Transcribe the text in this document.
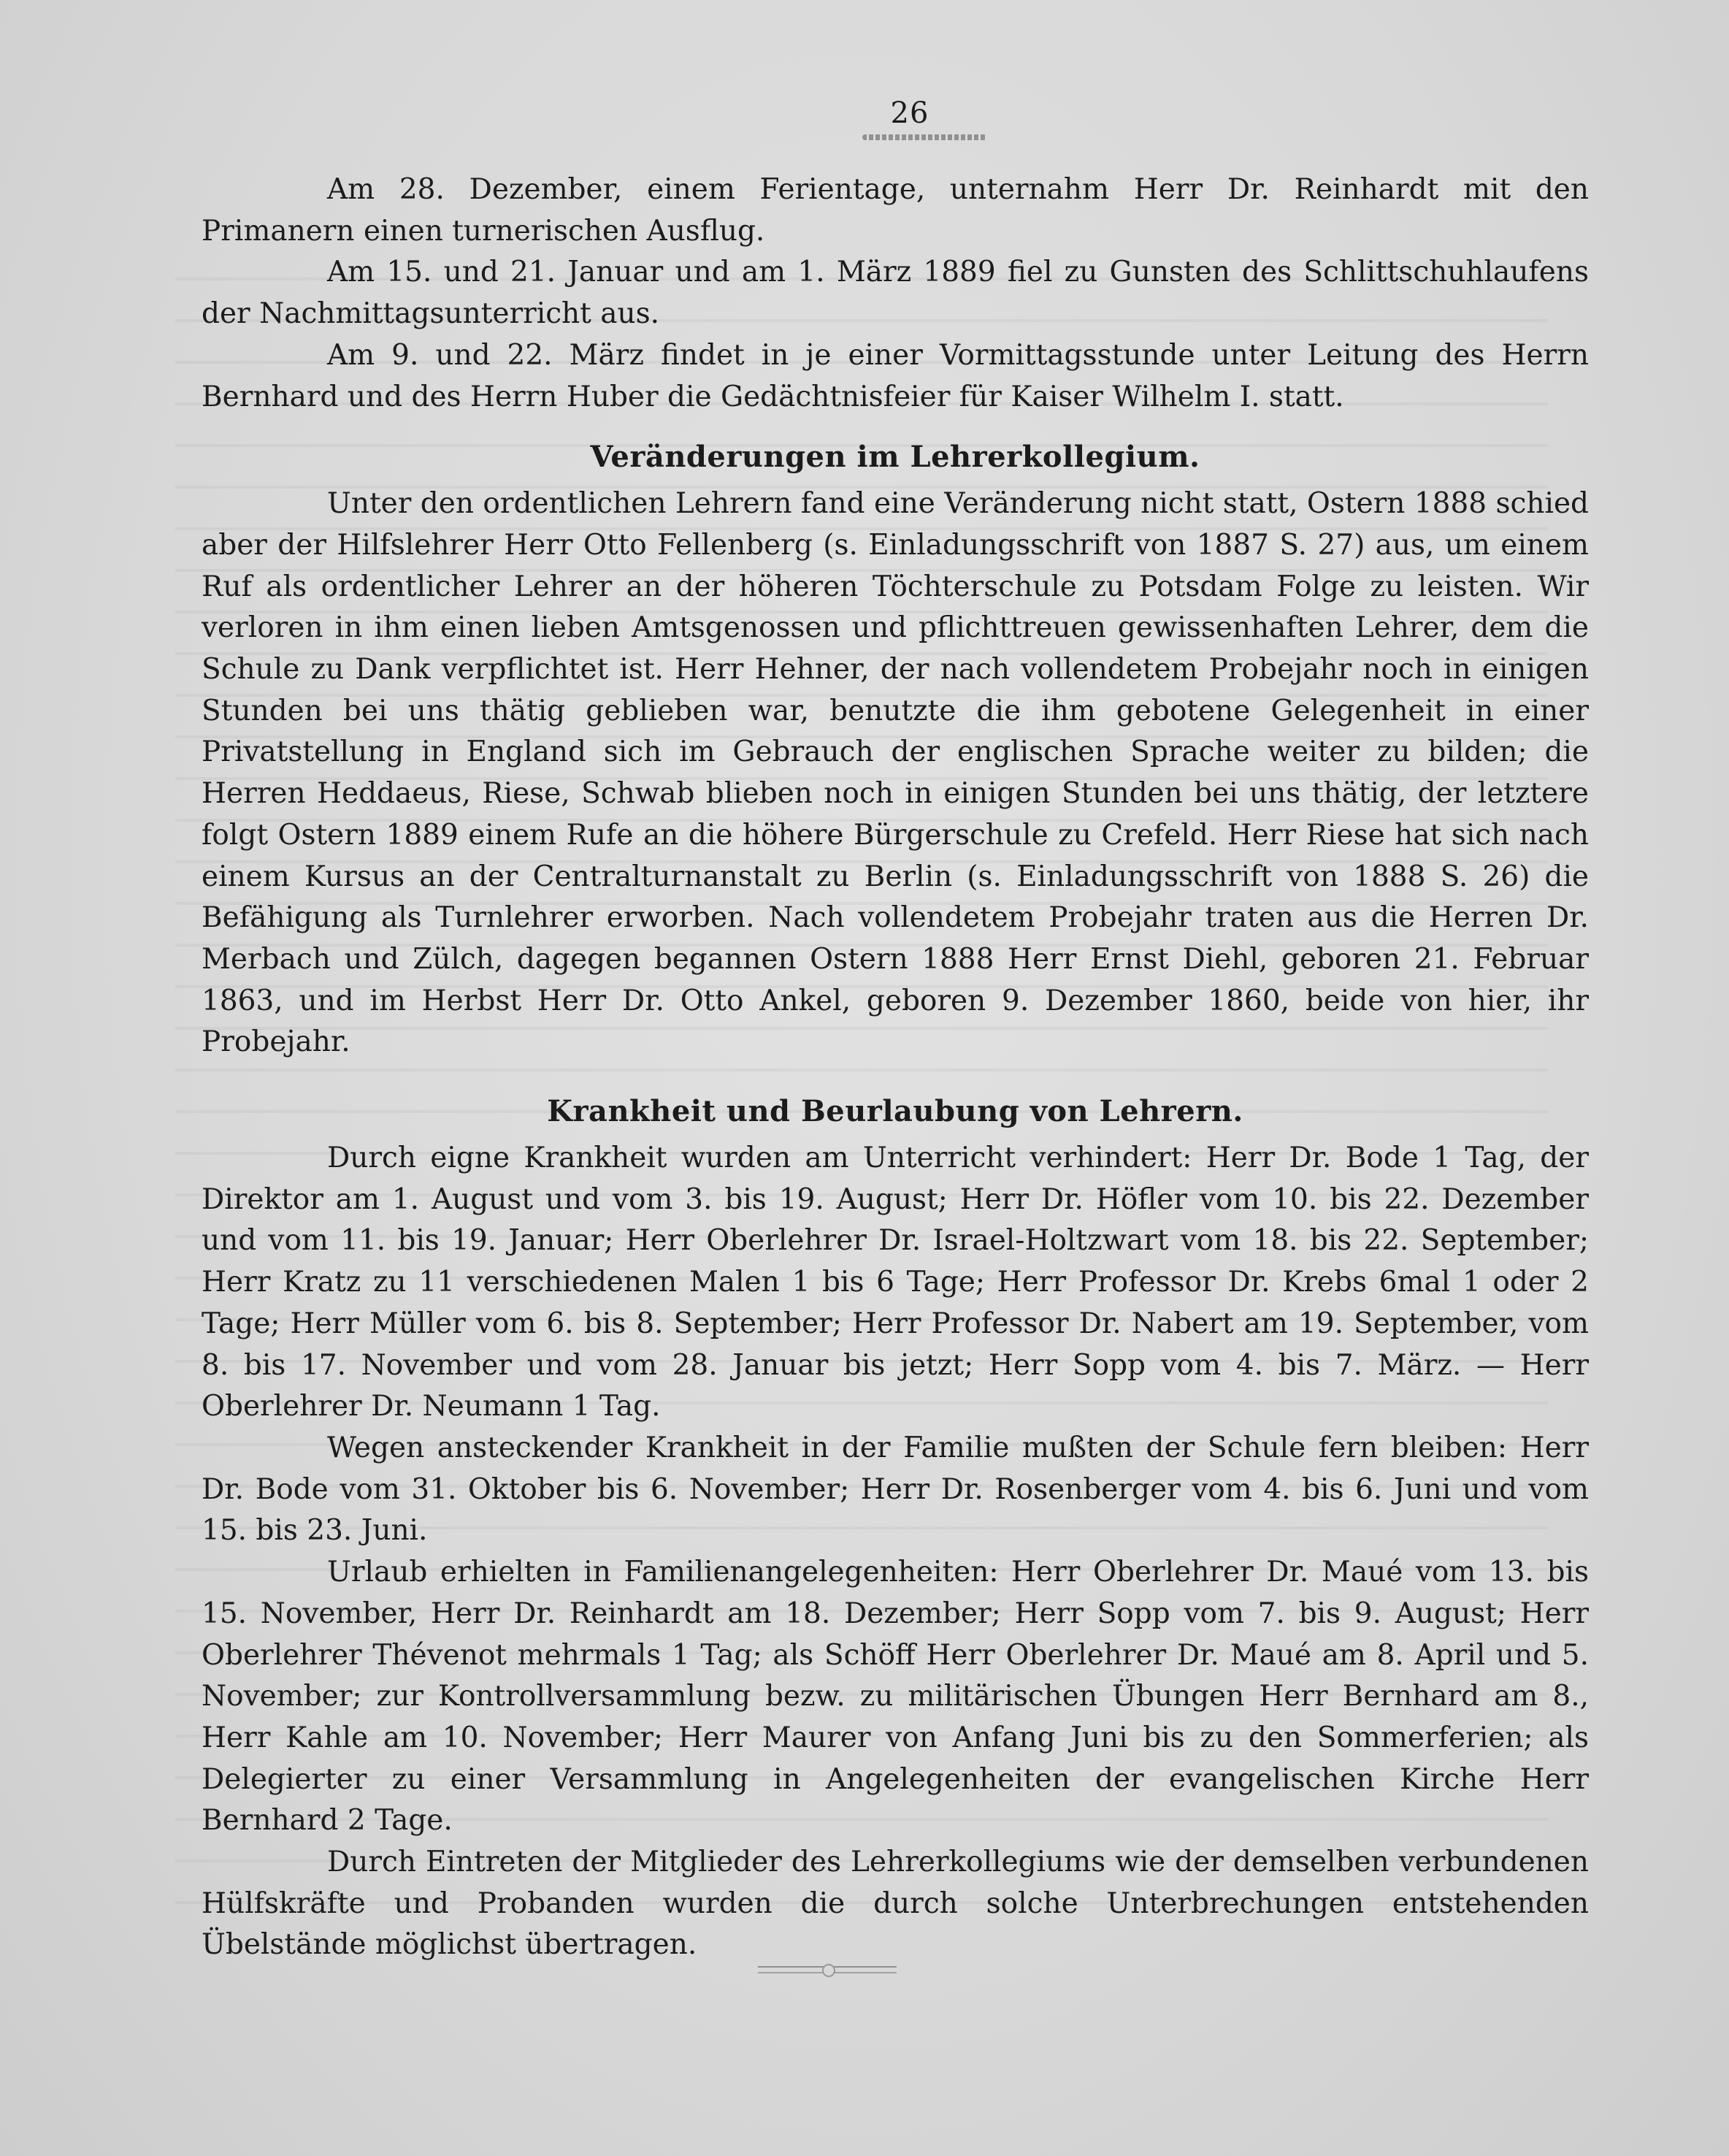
26

Am 28. Dezember, einem Ferientage, unternahm Herr Dr. Reinhardt mit den Primanern einen turnerischen Ausflug.

Am 15. und 21. Januar und am 1. März 1889 fiel zu Gunsten des Schlittschuhlaufens der Nachmittagsunterricht aus.

Am 9. und 22. März findet in je einer Vormittagsstunde unter Leitung des Herrn Bernhard und des Herrn Huber die Gedächtnisfeier für Kaiser Wilhelm I. statt.

Veränderungen im Lehrerkollegium.

Unter den ordentlichen Lehrern fand eine Veränderung nicht statt, Ostern 1888 schied aber der Hilfslehrer Herr Otto Fellenberg (s. Einladungsschrift von 1887 S. 27) aus, um einem Ruf als ordentlicher Lehrer an der höheren Töchterschule zu Potsdam Folge zu leisten. Wir verloren in ihm einen lieben Amtsgenossen und pflichttreuen gewissenhaften Lehrer, dem die Schule zu Dank verpflichtet ist. Herr Hehner, der nach vollendetem Probejahr noch in einigen Stunden bei uns thätig geblieben war, benutzte die ihm gebotene Gelegenheit in einer Privatstellung in England sich im Gebrauch der englischen Sprache weiter zu bilden; die Herren Heddaeus, Riese, Schwab blieben noch in einigen Stunden bei uns thätig, der letztere folgt Ostern 1889 einem Rufe an die höhere Bürgerschule zu Crefeld. Herr Riese hat sich nach einem Kursus an der Centralturnanstalt zu Berlin (s. Einladungsschrift von 1888 S. 26) die Befähigung als Turnlehrer erworben. Nach vollendetem Probejahr traten aus die Herren Dr. Merbach und Zülch, dagegen begannen Ostern 1888 Herr Ernst Diehl, geboren 21. Februar 1863, und im Herbst Herr Dr. Otto Ankel, geboren 9. Dezember 1860, beide von hier, ihr Probejahr.

Krankheit und Beurlaubung von Lehrern.

Durch eigne Krankheit wurden am Unterricht verhindert: Herr Dr. Bode 1 Tag, der Direktor am 1. August und vom 3. bis 19. August; Herr Dr. Höfler vom 10. bis 22. Dezember und vom 11. bis 19. Januar; Herr Oberlehrer Dr. Israel-Holtzwart vom 18. bis 22. September; Herr Kratz zu 11 verschiedenen Malen 1 bis 6 Tage; Herr Professor Dr. Krebs 6mal 1 oder 2 Tage; Herr Müller vom 6. bis 8. September; Herr Professor Dr. Nabert am 19. September, vom 8. bis 17. November und vom 28. Januar bis jetzt; Herr Sopp vom 4. bis 7. März. — Herr Oberlehrer Dr. Neumann 1 Tag.

Wegen ansteckender Krankheit in der Familie mußten der Schule fern bleiben: Herr Dr. Bode vom 31. Oktober bis 6. November; Herr Dr. Rosenberger vom 4. bis 6. Juni und vom 15. bis 23. Juni.

Urlaub erhielten in Familienangelegenheiten: Herr Oberlehrer Dr. Maué vom 13. bis 15. November, Herr Dr. Reinhardt am 18. Dezember; Herr Sopp vom 7. bis 9. August; Herr Oberlehrer Thévenot mehrmals 1 Tag; als Schöff Herr Oberlehrer Dr. Maué am 8. April und 5. November; zur Kontrollversammlung bezw. zu militärischen Übungen Herr Bernhard am 8., Herr Kahle am 10. November; Herr Maurer von Anfang Juni bis zu den Sommerferien; als Delegierter zu einer Versammlung in Angelegenheiten der evangelischen Kirche Herr Bernhard 2 Tage.

Durch Eintreten der Mitglieder des Lehrerkollegiums wie der demselben verbundenen Hülfskräfte und Probanden wurden die durch solche Unterbrechungen entstehenden Übelstände möglichst übertragen.
